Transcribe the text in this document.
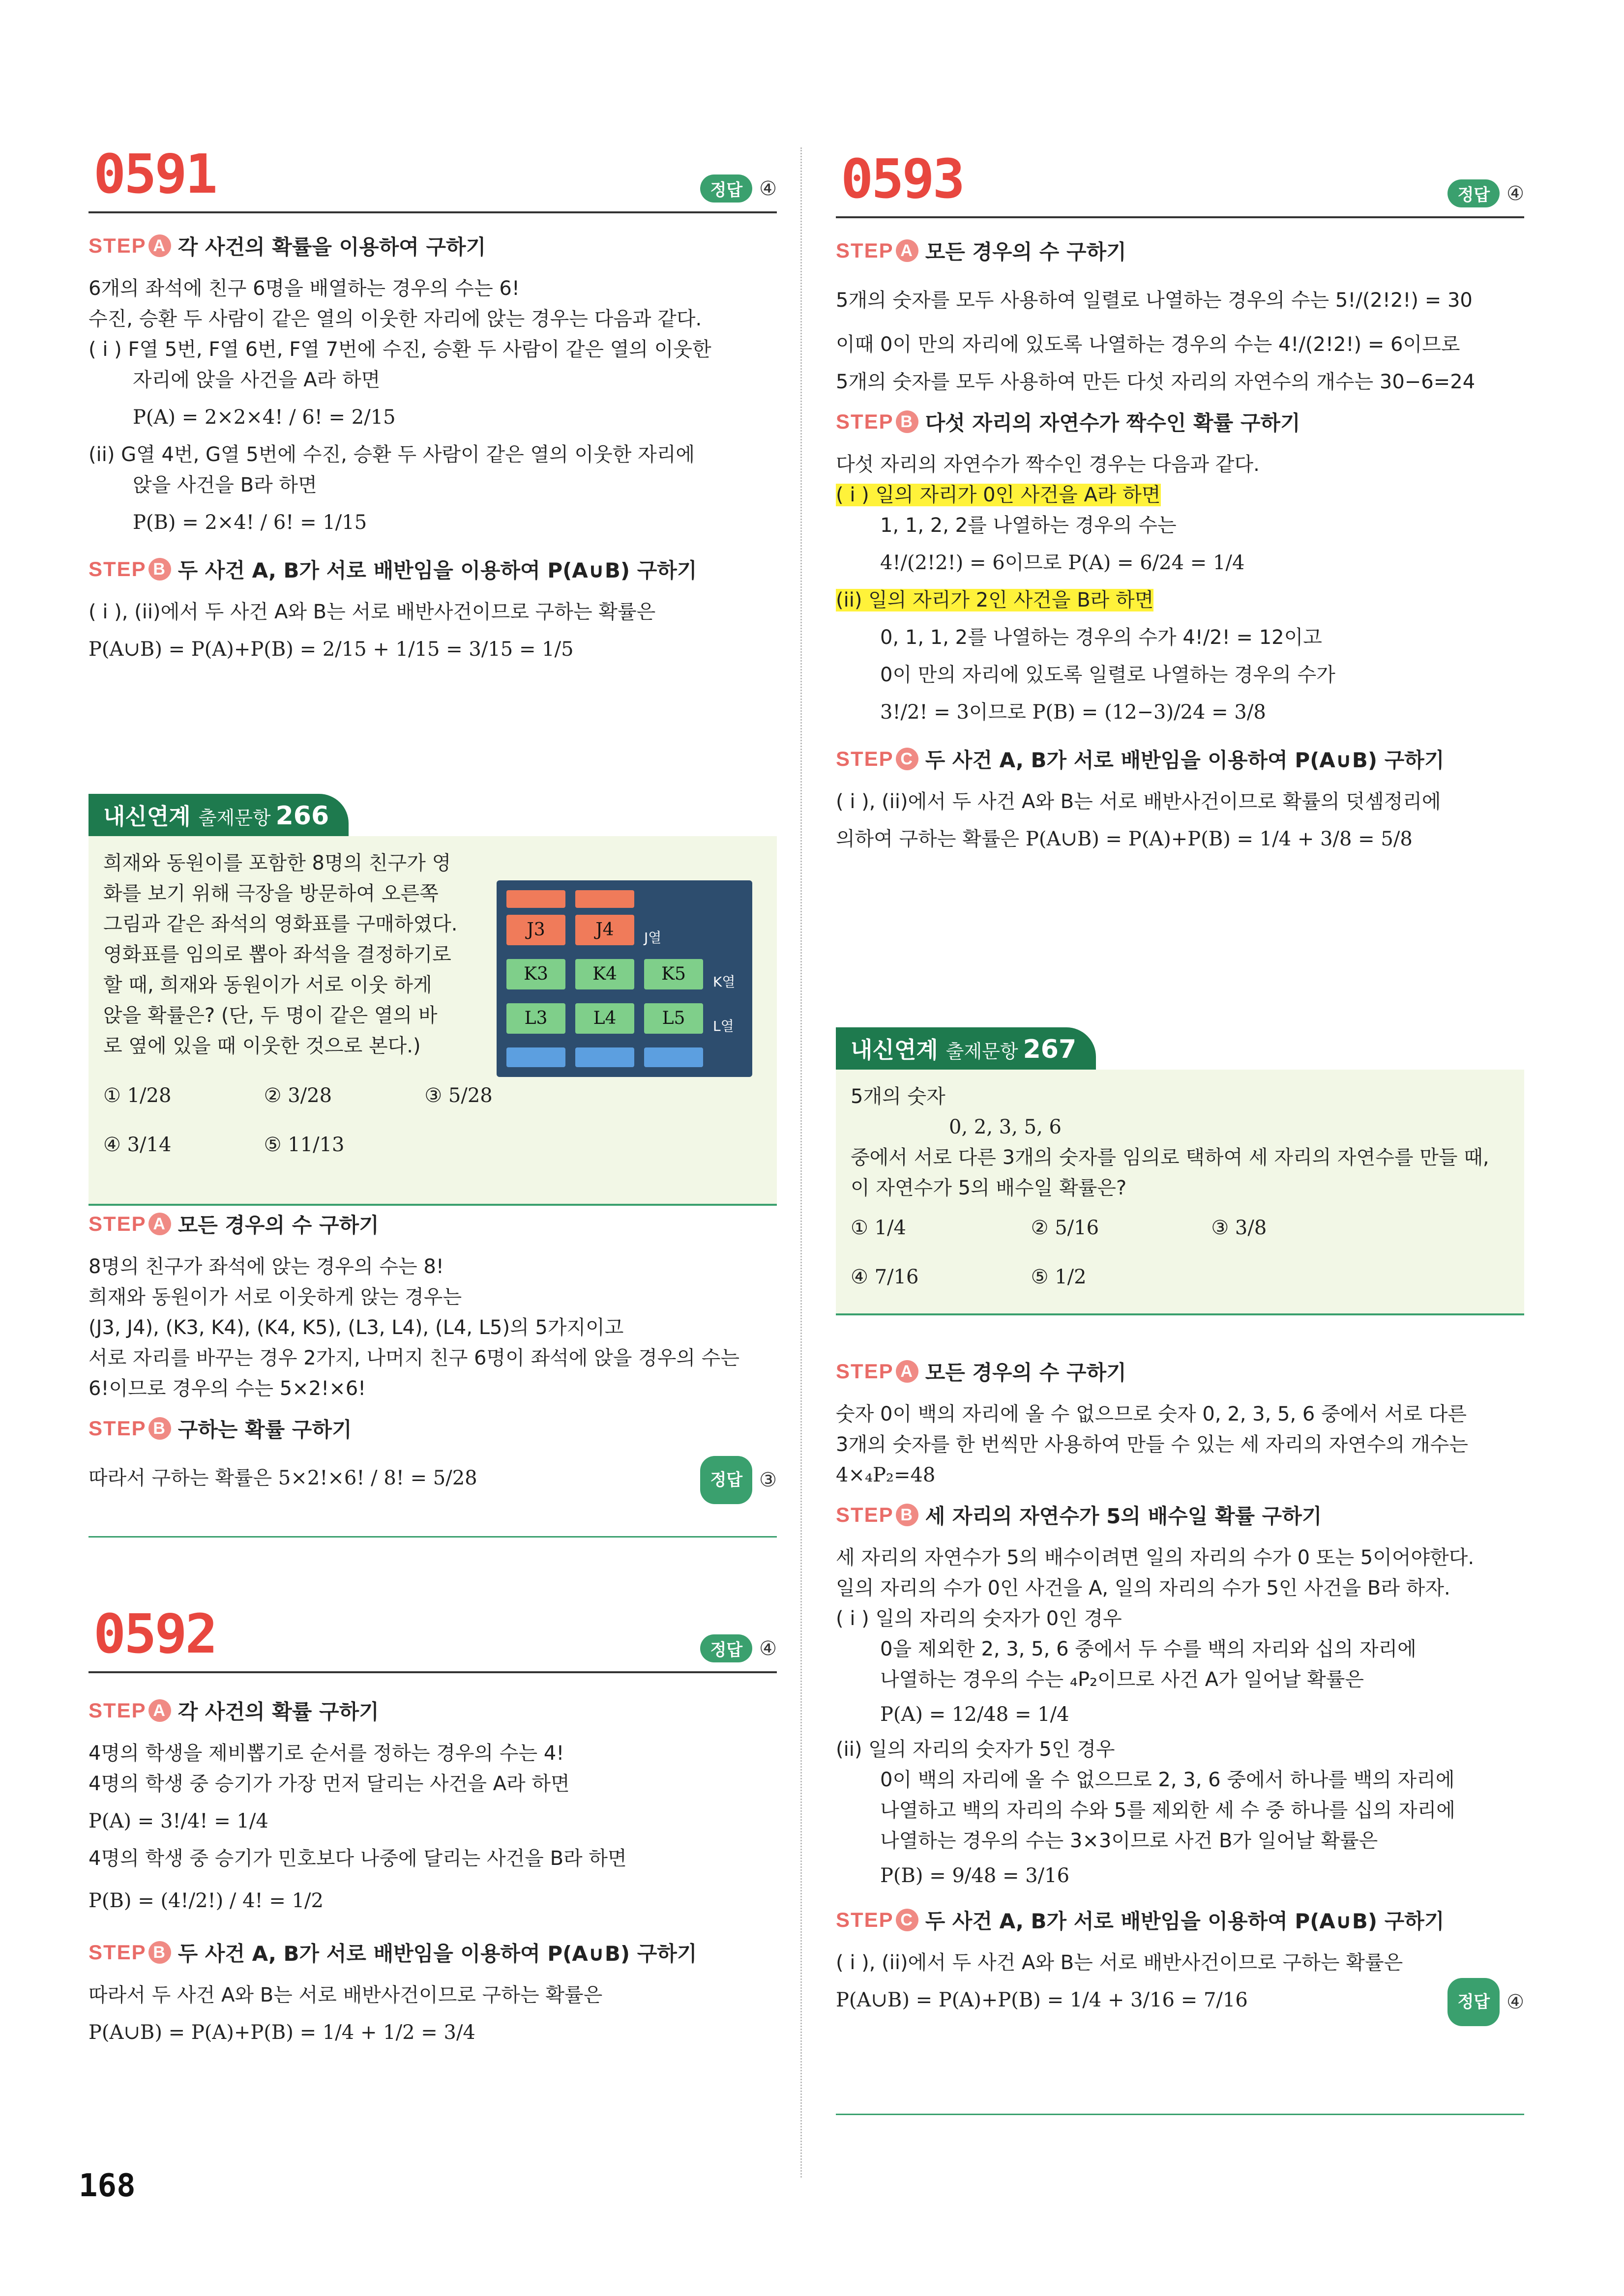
0591	정답 ④
STEP A 각 사건의 확률을 이용하여 구하기
6개의 좌석에 친구 6명을 배열하는 경우의 수는 6!
수진, 승환 두 사람이 같은 열의 이웃한 자리에 앉는 경우는 다음과 같다.
( i ) F열 5번, F열 6번, F열 7번에 수진, 승환 두 사람이 같은 열의 이웃한
자리에 앉을 사건을 A라 하면
P(A) = 2×2×4! / 6! = 2/15
(ii) G열 4번, G열 5번에 수진, 승환 두 사람이 같은 열의 이웃한 자리에
앉을 사건을 B라 하면
P(B) = 2×4! / 6! = 1/15
STEP B 두 사건 A, B가 서로 배반임을 이용하여 P(A∪B) 구하기
( i ), (ii)에서 두 사건 A와 B는 서로 배반사건이므로 구하는 확률은
P(A∪B) = P(A)+P(B) = 2/15 + 1/15 = 3/15 = 1/5
내신연계 출제문항 266
희재와 동원이를 포함한 8명의 친구가 영
화를 보기 위해 극장을 방문하여 오른쪽
그림과 같은 좌석의 영화표를 구매하였다.
영화표를 임의로 뽑아 좌석을 결정하기로
할 때, 희재와 동원이가 서로 이웃 하게
앉을 확률은? (단, 두 명이 같은 열의 바
로 옆에 있을 때 이웃한 것으로 본다.)
J3	J4	J열
K3	K4	K5	K열
L3	L4	L5	L열
① 1/28	② 3/28	③ 5/28
④ 3/14	⑤ 11/13
STEP A 모든 경우의 수 구하기
8명의 친구가 좌석에 앉는 경우의 수는 8!
희재와 동원이가 서로 이웃하게 앉는 경우는
(J3, J4), (K3, K4), (K4, K5), (L3, L4), (L4, L5)의 5가지이고
서로 자리를 바꾸는 경우 2가지, 나머지 친구 6명이 좌석에 앉을 경우의 수는
6!이므로 경우의 수는 5×2!×6!
STEP B 구하는 확률 구하기
따라서 구하는 확률은 5×2!×6! / 8! = 5/28	정답 ③
0592	정답 ④
STEP A 각 사건의 확률 구하기
4명의 학생을 제비뽑기로 순서를 정하는 경우의 수는 4!
4명의 학생 중 승기가 가장 먼저 달리는 사건을 A라 하면
P(A) = 3!/4! = 1/4
4명의 학생 중 승기가 민호보다 나중에 달리는 사건을 B라 하면
P(B) = (4!/2!) / 4! = 1/2
STEP B 두 사건 A, B가 서로 배반임을 이용하여 P(A∪B) 구하기
따라서 두 사건 A와 B는 서로 배반사건이므로 구하는 확률은
P(A∪B) = P(A)+P(B) = 1/4 + 1/2 = 3/4
0593	정답 ④
STEP A 모든 경우의 수 구하기
5개의 숫자를 모두 사용하여 일렬로 나열하는 경우의 수는 5!/(2!2!) = 30
이때 0이 만의 자리에 있도록 나열하는 경우의 수는 4!/(2!2!) = 6이므로
5개의 숫자를 모두 사용하여 만든 다섯 자리의 자연수의 개수는 30−6=24
STEP B 다섯 자리의 자연수가 짝수인 확률 구하기
다섯 자리의 자연수가 짝수인 경우는 다음과 같다.
( i ) 일의 자리가 0인 사건을 A라 하면
1, 1, 2, 2를 나열하는 경우의 수는
4!/(2!2!) = 6이므로 P(A) = 6/24 = 1/4
(ii) 일의 자리가 2인 사건을 B라 하면
0, 1, 1, 2를 나열하는 경우의 수가 4!/2! = 12이고
0이 만의 자리에 있도록 일렬로 나열하는 경우의 수가
3!/2! = 3이므로 P(B) = (12−3)/24 = 3/8
STEP C 두 사건 A, B가 서로 배반임을 이용하여 P(A∪B) 구하기
( i ), (ii)에서 두 사건 A와 B는 서로 배반사건이므로 확률의 덧셈정리에
의하여 구하는 확률은 P(A∪B) = P(A)+P(B) = 1/4 + 3/8 = 5/8
내신연계 출제문항 267
5개의 숫자
0, 2, 3, 5, 6
중에서 서로 다른 3개의 숫자를 임의로 택하여 세 자리의 자연수를 만들 때,
이 자연수가 5의 배수일 확률은?
① 1/4	② 5/16	③ 3/8
④ 7/16	⑤ 1/2
STEP A 모든 경우의 수 구하기
숫자 0이 백의 자리에 올 수 없으므로 숫자 0, 2, 3, 5, 6 중에서 서로 다른
3개의 숫자를 한 번씩만 사용하여 만들 수 있는 세 자리의 자연수의 개수는
4×₄P₂=48
STEP B 세 자리의 자연수가 5의 배수일 확률 구하기
세 자리의 자연수가 5의 배수이려면 일의 자리의 수가 0 또는 5이어야한다.
일의 자리의 수가 0인 사건을 A, 일의 자리의 수가 5인 사건을 B라 하자.
( i ) 일의 자리의 숫자가 0인 경우
0을 제외한 2, 3, 5, 6 중에서 두 수를 백의 자리와 십의 자리에
나열하는 경우의 수는 ₄P₂이므로 사건 A가 일어날 확률은
P(A) = 12/48 = 1/4
(ii) 일의 자리의 숫자가 5인 경우
0이 백의 자리에 올 수 없으므로 2, 3, 6 중에서 하나를 백의 자리에
나열하고 백의 자리의 수와 5를 제외한 세 수 중 하나를 십의 자리에
나열하는 경우의 수는 3×3이므로 사건 B가 일어날 확률은
P(B) = 9/48 = 3/16
STEP C 두 사건 A, B가 서로 배반임을 이용하여 P(A∪B) 구하기
( i ), (ii)에서 두 사건 A와 B는 서로 배반사건이므로 구하는 확률은
P(A∪B) = P(A)+P(B) = 1/4 + 3/16 = 7/16	정답 ④
168
